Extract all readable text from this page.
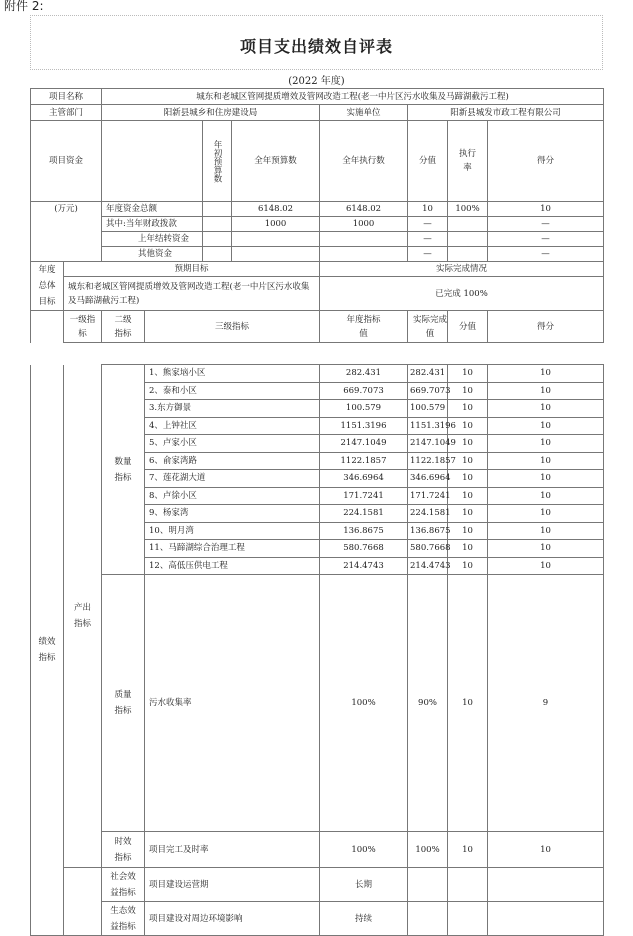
附件 2:
项目支出绩效自评表
(2022 年度)
项目名称		城东和老城区管网提质增效及管网改造工程(老一中片区污水收集及马蹄湖截污工程)							
主管部门		阳新县城乡和住房建设局				实施单位	阳新县城发市政工程有限公司		
项目资金				年初预算数	全年预算数	全年执行数	分值	执行率	得分

(万元)		年度资金总额			6148.02	6148.02	10	100%	10
		其中:当年财政拨款			1000	1000	—		—
		上年结转资金					—		—
		其他资金					—		—
年度
总体
目标	预期目标					实际完成情况			
	城东和老城区管网提质增效及管网改造工程(老一中片区污水收集及马蹄湖截污工程)					已完成 100%			
	一级指标	二级指标	三级指标			年度指标值	实际完成值	分值	得分
绩效指标	产出指标	数量指标	1、熊家垴小区	282.431	282.431	10	10	
			2、泰和小区	669.7073	669.7073	10	10	
			3.东方御景	100.579	100.579	10	10	
			4、上钟社区	1151.3196	1151.3196	10	10	
			5、卢家小区	2147.1049	2147.1049	10	10	
			6、俞家湾路	1122.1857	1122.1857	10	10	
			7、莲花湖大道	346.6964	346.6964	10	10	
			8、卢徐小区	171.7241	171.7241	10	10	
			9、杨家湾	224.1581	224.1581	10	10	
			10、明月湾	136.8675	136.8675	10	10	
			11、马蹄湖综合治理工程	580.7668	580.7668	10	10	
			12、高低压供电工程	214.4743	214.4743	10	10	
		质量指标	污水收集率	100%	90%	10	9	
		时效指标	项目完工及时率	100%	100%	10	10	
		社会效益指标	项目建设运营期	长期				
		生态效益指标	项目建设对周边环境影响	持续				
